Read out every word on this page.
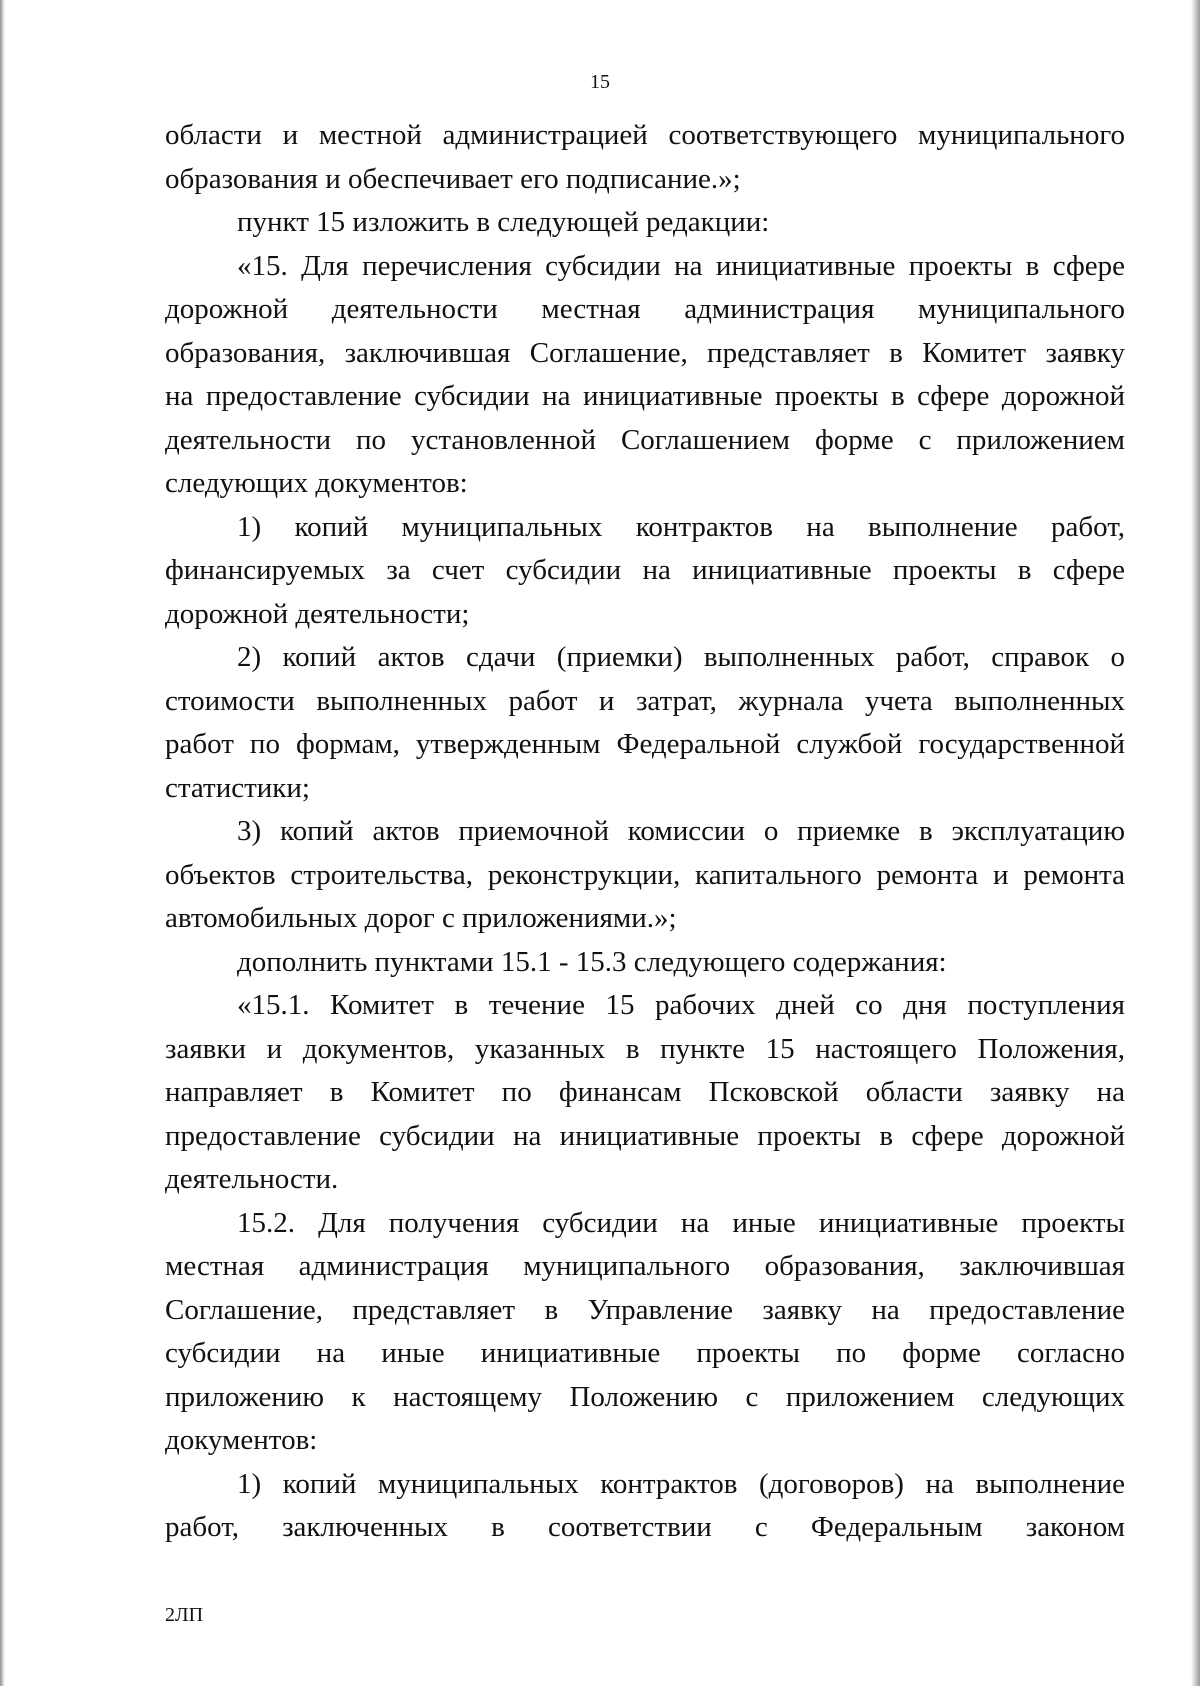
15

области и местной администрацией соответствующего муниципального
образования и обеспечивает его подписание.»;

пункт 15 изложить в следующей редакции:

«15. Для перечисления субсидии на инициативные проекты в сфере
дорожной деятельности местная администрация муниципального
образования, заключившая Соглашение, представляет в Комитет заявку
на предоставление субсидии на инициативные проекты в сфере дорожной
деятельности по установленной Соглашением форме с приложением
следующих документов:

1) копий муниципальных контрактов на выполнение работ,
финансируемых за счет субсидии на инициативные проекты в сфере
дорожной деятельности;

2) копий актов сдачи (приемки) выполненных работ, справок о
стоимости выполненных работ и затрат, журнала учета выполненных
работ по формам, утвержденным Федеральной службой государственной
статистики;

3) копий актов приемочной комиссии о приемке в эксплуатацию
объектов строительства, реконструкции, капитального ремонта и ремонта
автомобильных дорог с приложениями.»;

дополнить пунктами 15.1 - 15.3 следующего содержания:

«15.1. Комитет в течение 15 рабочих дней со дня поступления
заявки и документов, указанных в пункте 15 настоящего Положения,
направляет в Комитет по финансам Псковской области заявку на
предоставление субсидии на инициативные проекты в сфере дорожной
деятельности.

15.2. Для получения субсидии на иные инициативные проекты
местная администрация муниципального образования, заключившая
Соглашение, представляет в Управление заявку на предоставление
субсидии на иные инициативные проекты по форме согласно
приложению к настоящему Положению с приложением следующих
документов:

1) копий муниципальных контрактов (договоров) на выполнение
работ, заключенных в соответствии с Федеральным законом

2ЛП
